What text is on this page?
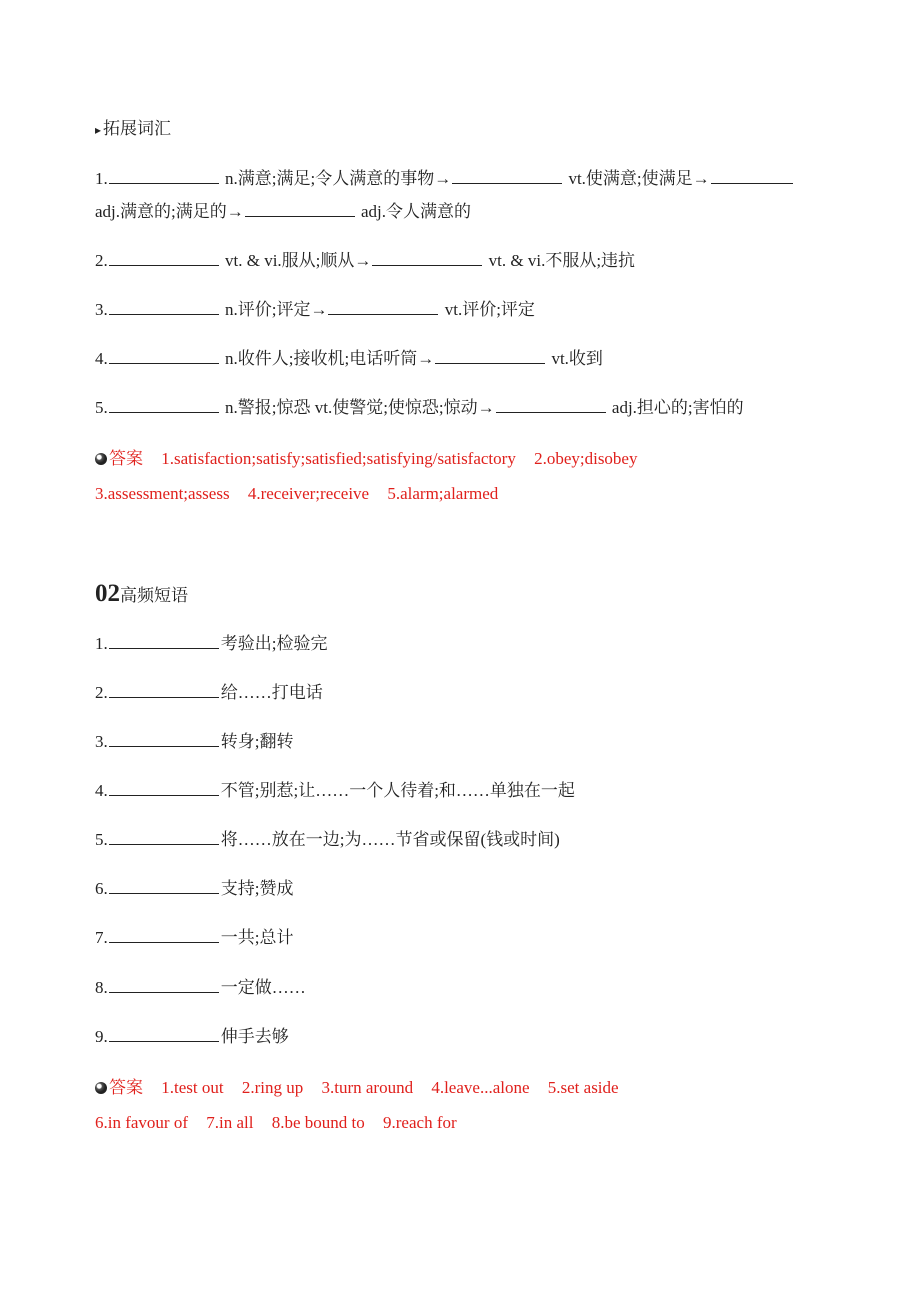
▸ 拓展词汇
1.	n.满意;满足;令人满意的事物→	vt.使满意;使满足→
adj.满意的;满足的→	adj.令人满意的
2.	vt. & vi.服从;顺从→	vt. & vi.不服从;违抗
3.	n.评价;评定→	vt.评价;评定
4.	n.收件人;接收机;电话听筒→	vt.收到
5.	n.警报;惊恐 vt.使警觉;使惊恐;惊动→	adj.担心的;害怕的
答案 1.satisfaction;satisfy;satisfied;satisfying/satisfactory 2.obey;disobey
3.assessment;assess 4.receiver;receive 5.alarm;alarmed
02高频短语
1.	考验出;检验完
2.	给……打电话
3.	转身;翻转
4.	不管;别惹;让……一个人待着;和……单独在一起
5.	将……放在一边;为……节省或保留(钱或时间)
6.	支持;赞成
7.	一共;总计
8.	一定做……
9.	伸手去够
答案 1.test out 2.ring up 3.turn around 4.leave...alone 5.set aside
6.in favour of 7.in all 8.be bound to 9.reach for
